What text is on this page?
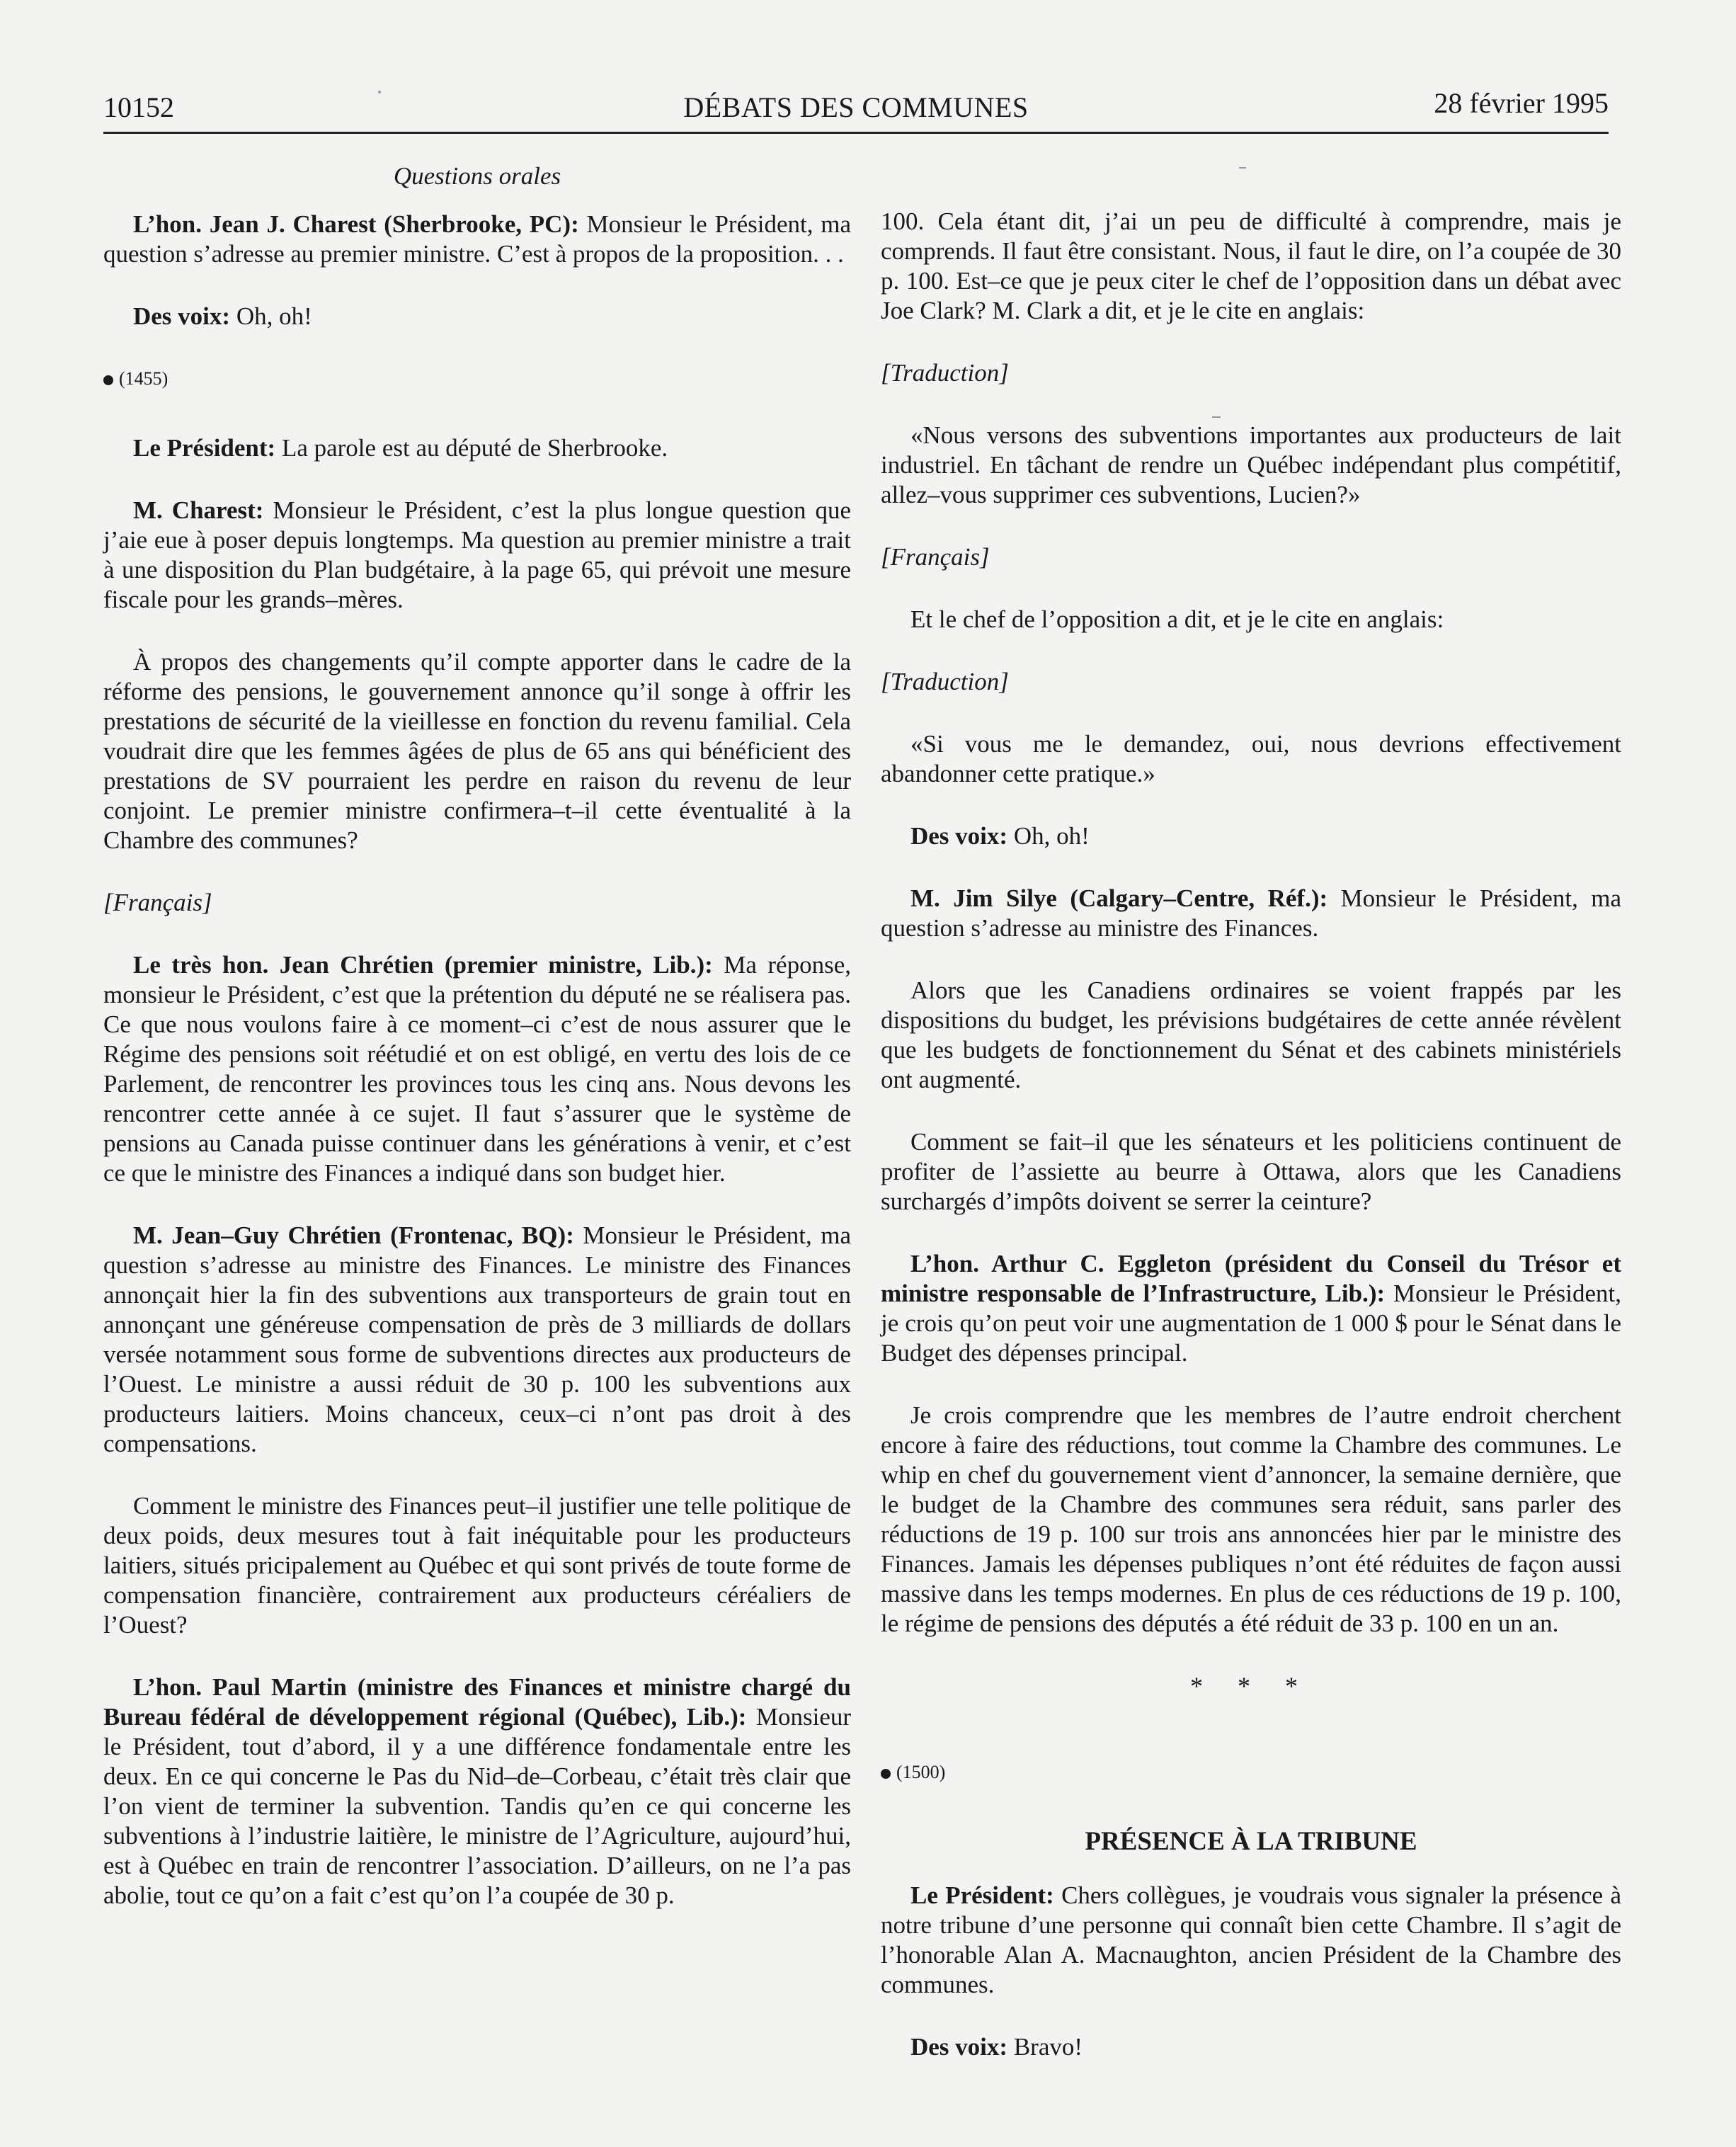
10152	DÉBATS DES COMMUNES	28 février 1995
Questions orales

L’hon. Jean J. Charest (Sherbrooke, PC): Monsieur le Président, ma question s’adresse au premier ministre. C’est à propos de la proposition. . .

Des voix: Oh, oh!

(1455)

Le Président: La parole est au député de Sherbrooke.

M. Charest: Monsieur le Président, c’est la plus longue question que j’aie eue à poser depuis longtemps. Ma question au premier ministre a trait à une disposition du Plan budgétaire, à la page 65, qui prévoit une mesure fiscale pour les grands–mères.

À propos des changements qu’il compte apporter dans le cadre de la réforme des pensions, le gouvernement annonce qu’il songe à offrir les prestations de sécurité de la vieillesse en fonction du revenu familial. Cela voudrait dire que les femmes âgées de plus de 65 ans qui bénéficient des prestations de SV pourraient les perdre en raison du revenu de leur conjoint. Le premier ministre confirmera–t–il cette éventualité à la Chambre des communes?

[Français]

Le très hon. Jean Chrétien (premier ministre, Lib.): Ma réponse, monsieur le Président, c’est que la prétention du député ne se réalisera pas. Ce que nous voulons faire à ce moment–ci c’est de nous assurer que le Régime des pensions soit réétudié et on est obligé, en vertu des lois de ce Parlement, de rencontrer les provinces tous les cinq ans. Nous devons les rencontrer cette année à ce sujet. Il faut s’assurer que le système de pensions au Canada puisse continuer dans les générations à venir, et c’est ce que le ministre des Finances a indiqué dans son budget hier.

M. Jean–Guy Chrétien (Frontenac, BQ): Monsieur le Président, ma question s’adresse au ministre des Finances. Le ministre des Finances annonçait hier la fin des subventions aux transporteurs de grain tout en annonçant une généreuse compensation de près de 3 milliards de dollars versée notamment sous forme de subventions directes aux producteurs de l’Ouest. Le ministre a aussi réduit de 30 p. 100 les subventions aux producteurs laitiers. Moins chanceux, ceux–ci n’ont pas droit à des compensations.

Comment le ministre des Finances peut–il justifier une telle politique de deux poids, deux mesures tout à fait inéquitable pour les producteurs laitiers, situés pricipalement au Québec et qui sont privés de toute forme de compensation financière, contrairement aux producteurs céréaliers de l’Ouest?

L’hon. Paul Martin (ministre des Finances et ministre chargé du Bureau fédéral de développement régional (Québec), Lib.): Monsieur le Président, tout d’abord, il y a une différence fondamentale entre les deux. En ce qui concerne le Pas du Nid–de–Corbeau, c’était très clair que l’on vient de terminer la subvention. Tandis qu’en ce qui concerne les subventions à l’industrie laitière, le ministre de l’Agriculture, aujourd’hui, est à Québec en train de rencontrer l’association. D’ailleurs, on ne l’a pas abolie, tout ce qu’on a fait c’est qu’on l’a coupée de 30 p.

100. Cela étant dit, j’ai un peu de difficulté à comprendre, mais je comprends. Il faut être consistant. Nous, il faut le dire, on l’a coupée de 30 p. 100. Est–ce que je peux citer le chef de l’opposition dans un débat avec Joe Clark? M. Clark a dit, et je le cite en anglais:

[Traduction]

«Nous versons des subventions importantes aux producteurs de lait industriel. En tâchant de rendre un Québec indépendant plus compétitif, allez–vous supprimer ces subventions, Lucien?»

[Français]

Et le chef de l’opposition a dit, et je le cite en anglais:

[Traduction]

«Si vous me le demandez, oui, nous devrions effectivement abandonner cette pratique.»

Des voix: Oh, oh!

M. Jim Silye (Calgary–Centre, Réf.): Monsieur le Président, ma question s’adresse au ministre des Finances.

Alors que les Canadiens ordinaires se voient frappés par les dispositions du budget, les prévisions budgétaires de cette année révèlent que les budgets de fonctionnement du Sénat et des cabinets ministériels ont augmenté.

Comment se fait–il que les sénateurs et les politiciens continuent de profiter de l’assiette au beurre à Ottawa, alors que les Canadiens surchargés d’impôts doivent se serrer la ceinture?

L’hon. Arthur C. Eggleton (président du Conseil du Trésor et ministre responsable de l’Infrastructure, Lib.): Monsieur le Président, je crois qu’on peut voir une augmentation de 1 000 $ pour le Sénat dans le Budget des dépenses principal.

Je crois comprendre que les membres de l’autre endroit cherchent encore à faire des réductions, tout comme la Chambre des communes. Le whip en chef du gouvernement vient d’annoncer, la semaine dernière, que le budget de la Chambre des communes sera réduit, sans parler des réductions de 19 p. 100 sur trois ans annoncées hier par le ministre des Finances. Jamais les dépenses publiques n’ont été réduites de façon aussi massive dans les temps modernes. En plus de ces réductions de 19 p. 100, le régime de pensions des députés a été réduit de 33 p. 100 en un an.

* * *

(1500)

PRÉSENCE À LA TRIBUNE

Le Président: Chers collègues, je voudrais vous signaler la présence à notre tribune d’une personne qui connaît bien cette Chambre. Il s’agit de l’honorable Alan A. Macnaughton, ancien Président de la Chambre des communes.

Des voix: Bravo!
